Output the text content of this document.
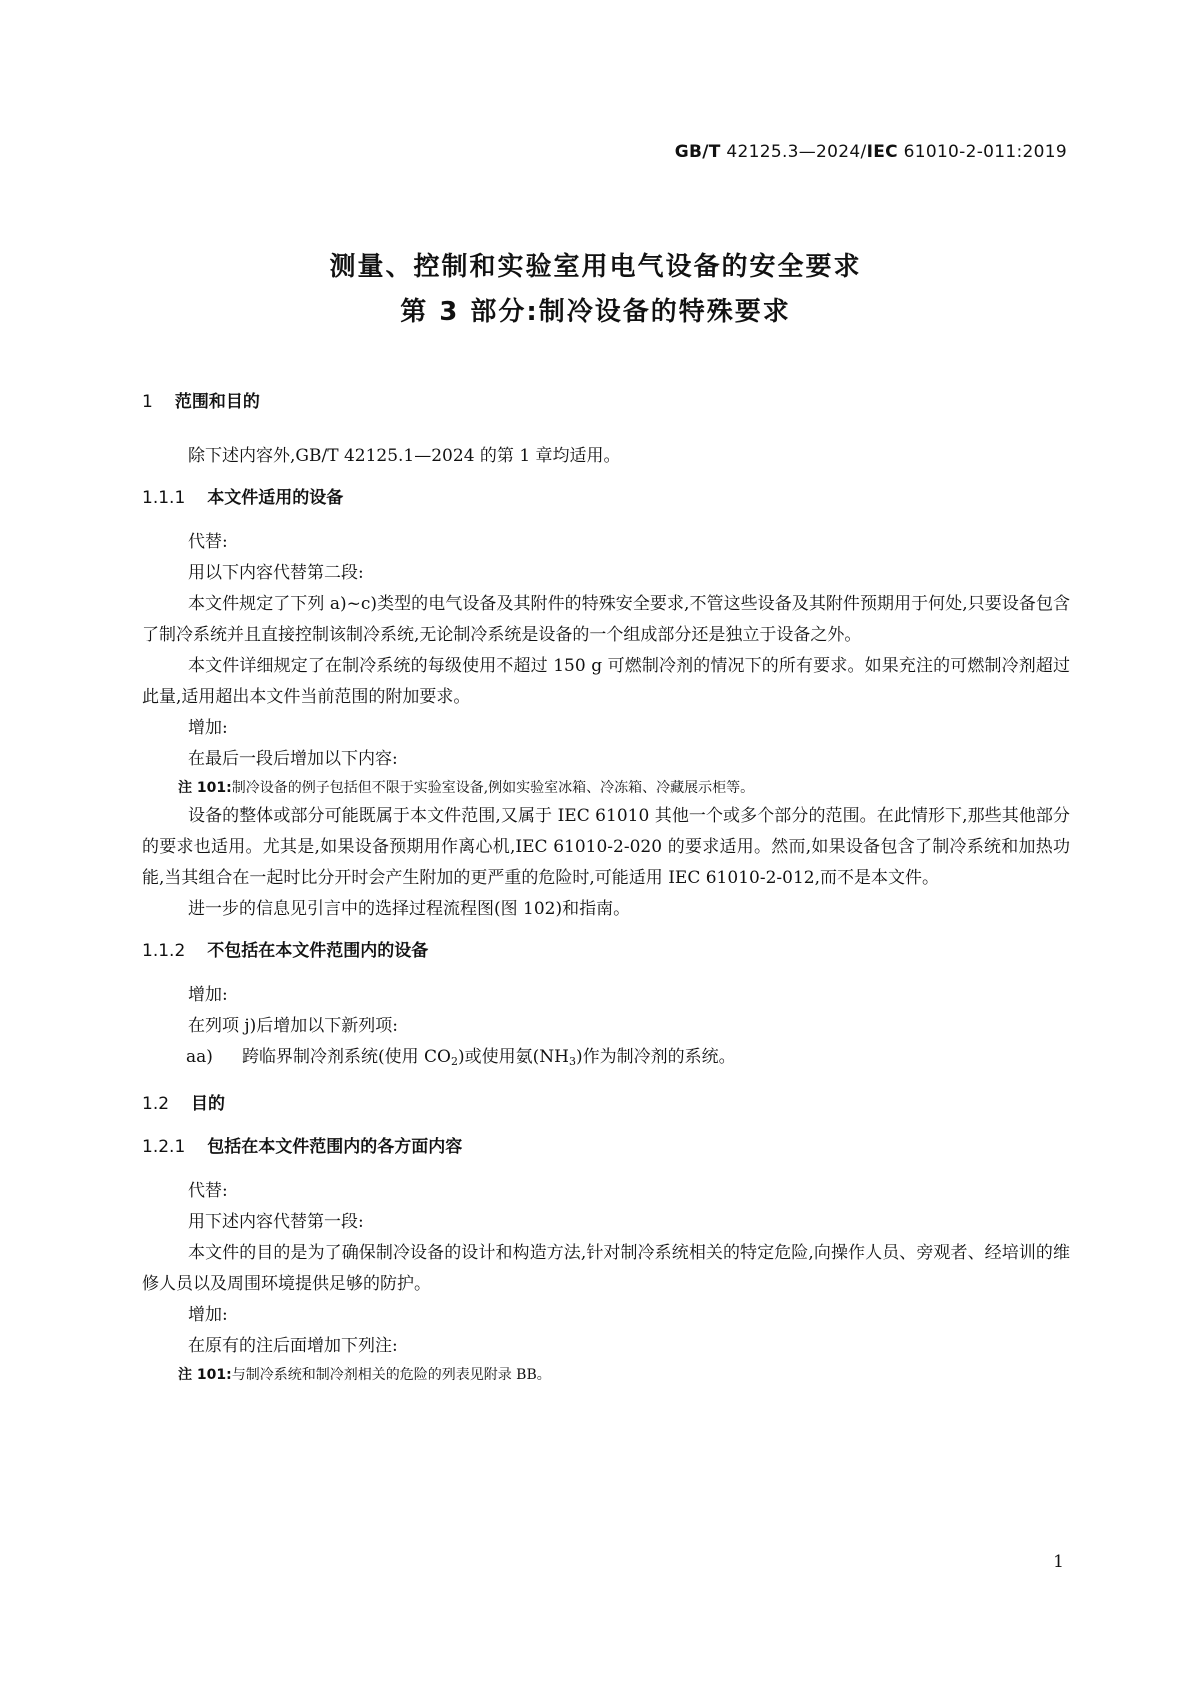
GB/T 42125.3—2024/IEC 61010-2-011:2019
测量、控制和实验室用电气设备的安全要求
第 3 部分:制冷设备的特殊要求
1 范围和目的
除下述内容外,GB/T 42125.1—2024 的第 1 章均适用。
1.1.1 本文件适用的设备
代替:
用以下内容代替第二段:
本文件规定了下列 a)~c)类型的电气设备及其附件的特殊安全要求,不管这些设备及其附件预期用于何处,只要设备包含了制冷系统并且直接控制该制冷系统,无论制冷系统是设备的一个组成部分还是独立于设备之外。
本文件详细规定了在制冷系统的每级使用不超过 150 g 可燃制冷剂的情况下的所有要求。如果充注的可燃制冷剂超过此量,适用超出本文件当前范围的附加要求。
增加:
在最后一段后增加以下内容:
注 101:制冷设备的例子包括但不限于实验室设备,例如实验室冰箱、冷冻箱、冷藏展示柜等。
设备的整体或部分可能既属于本文件范围,又属于 IEC 61010 其他一个或多个部分的范围。在此情形下,那些其他部分的要求也适用。尤其是,如果设备预期用作离心机,IEC 61010-2-020 的要求适用。然而,如果设备包含了制冷系统和加热功能,当其组合在一起时比分开时会产生附加的更严重的危险时,可能适用 IEC 61010-2-012,而不是本文件。
进一步的信息见引言中的选择过程流程图(图 102)和指南。
1.1.2 不包括在本文件范围内的设备
增加:
在列项 j)后增加以下新列项:
aa) 跨临界制冷剂系统(使用 $CO_2$)或使用氨$(NH_3)$作为制冷剂的系统。
1.2 目的
1.2.1 包括在本文件范围内的各方面内容
代替:
用下述内容代替第一段:
本文件的目的是为了确保制冷设备的设计和构造方法,针对制冷系统相关的特定危险,向操作人员、旁观者、经培训的维修人员以及周围环境提供足够的防护。
增加:
在原有的注后面增加下列注:
注 101:与制冷系统和制冷剂相关的危险的列表见附录 BB。
1
